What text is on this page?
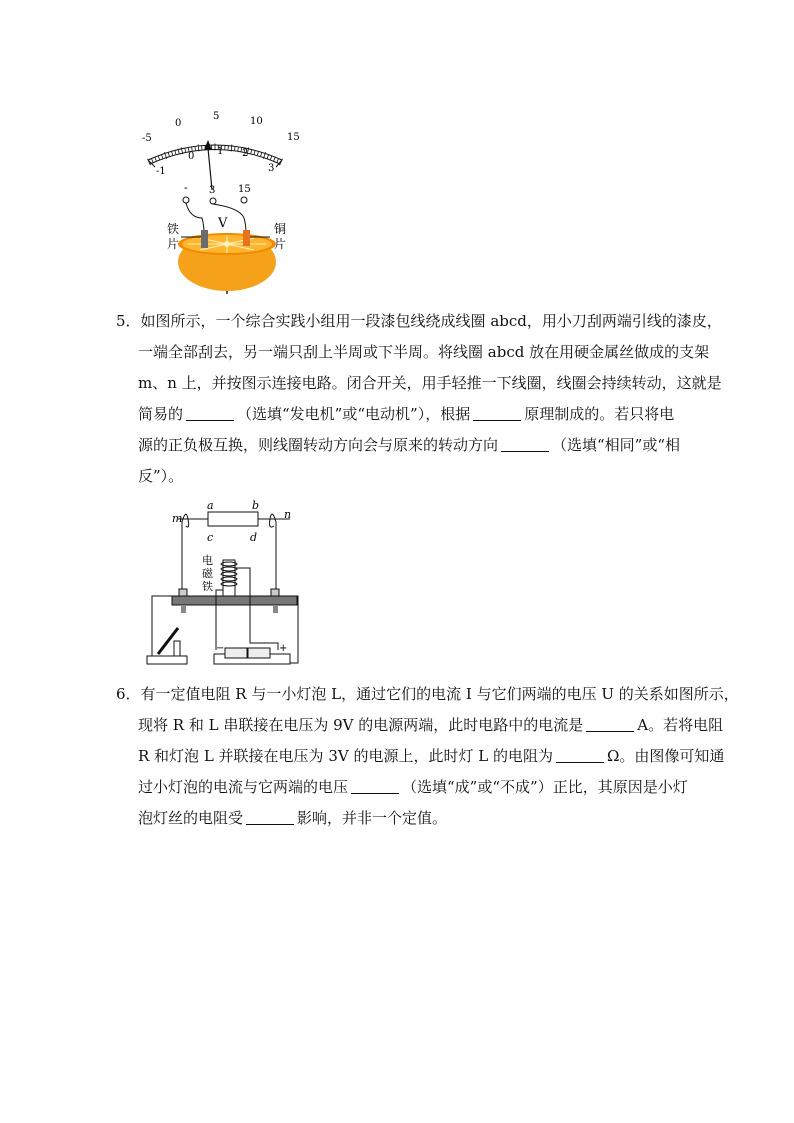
-5
0
5	10
15
-1
0 1 2
3
- 3 15
V
铁
片
铜
片

5．如图所示，一个综合实践小组用一段漆包线绕成线圈 abcd，用小刀刮两端引线的漆皮，

一端全部刮去，另一端只刮上半周或下半周。将线圈 abcd 放在用硬金属丝做成的支架

m、n 上，并按图示连接电路。闭合开关，用手轻推一下线圈，线圈会持续转动，这就是

简易的	（选填“发电机”或“电动机”），根据	原理制成的。若只将电

源的正负极互换，则线圈转动方向会与原来的转动方向	（选填“相同”或“相

反”）。

a	b
c	d
m	n
电
磁
铁
−	+

6．有一定值电阻 R 与一小灯泡 L，通过它们的电流 I 与它们两端的电压 U 的关系如图所示，

现将 R 和 L 串联接在电压为 9V 的电源两端，此时电路中的电流是	A。若将电阻

R 和灯泡 L 并联接在电压为 3V 的电源上，此时灯 L 的电阻为	Ω。由图像可知通

过小灯泡的电流与它两端的电压	（选填“成”或“不成”）正比，其原因是小灯

泡灯丝的电阻受	影响，并非一个定值。
